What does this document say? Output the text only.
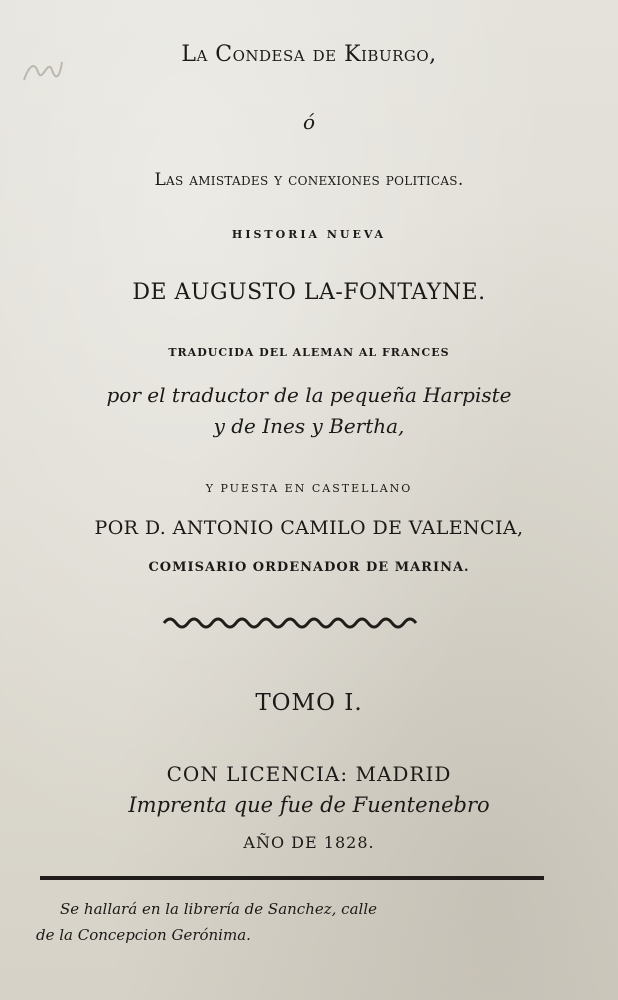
La Condesa de Kiburgo,
ó
Las amistades y conexiones politicas.
HISTORIA NUEVA
DE AUGUSTO LA-FONTAYNE.
TRADUCIDA DEL ALEMAN AL FRANCES
por el traductor de la pequeña Harpiste
y de Ines y Bertha,
Y PUESTA EN CASTELLANO
POR D. ANTONIO CAMILO DE VALENCIA,
COMISARIO ORDENADOR DE MARINA.
TOMO I.
CON LICENCIA: MADRID
Imprenta que fue de Fuentenebro
AÑO DE 1828.
Se hallará en la librería de Sanchez, calle
de la Concepcion Gerónima.
